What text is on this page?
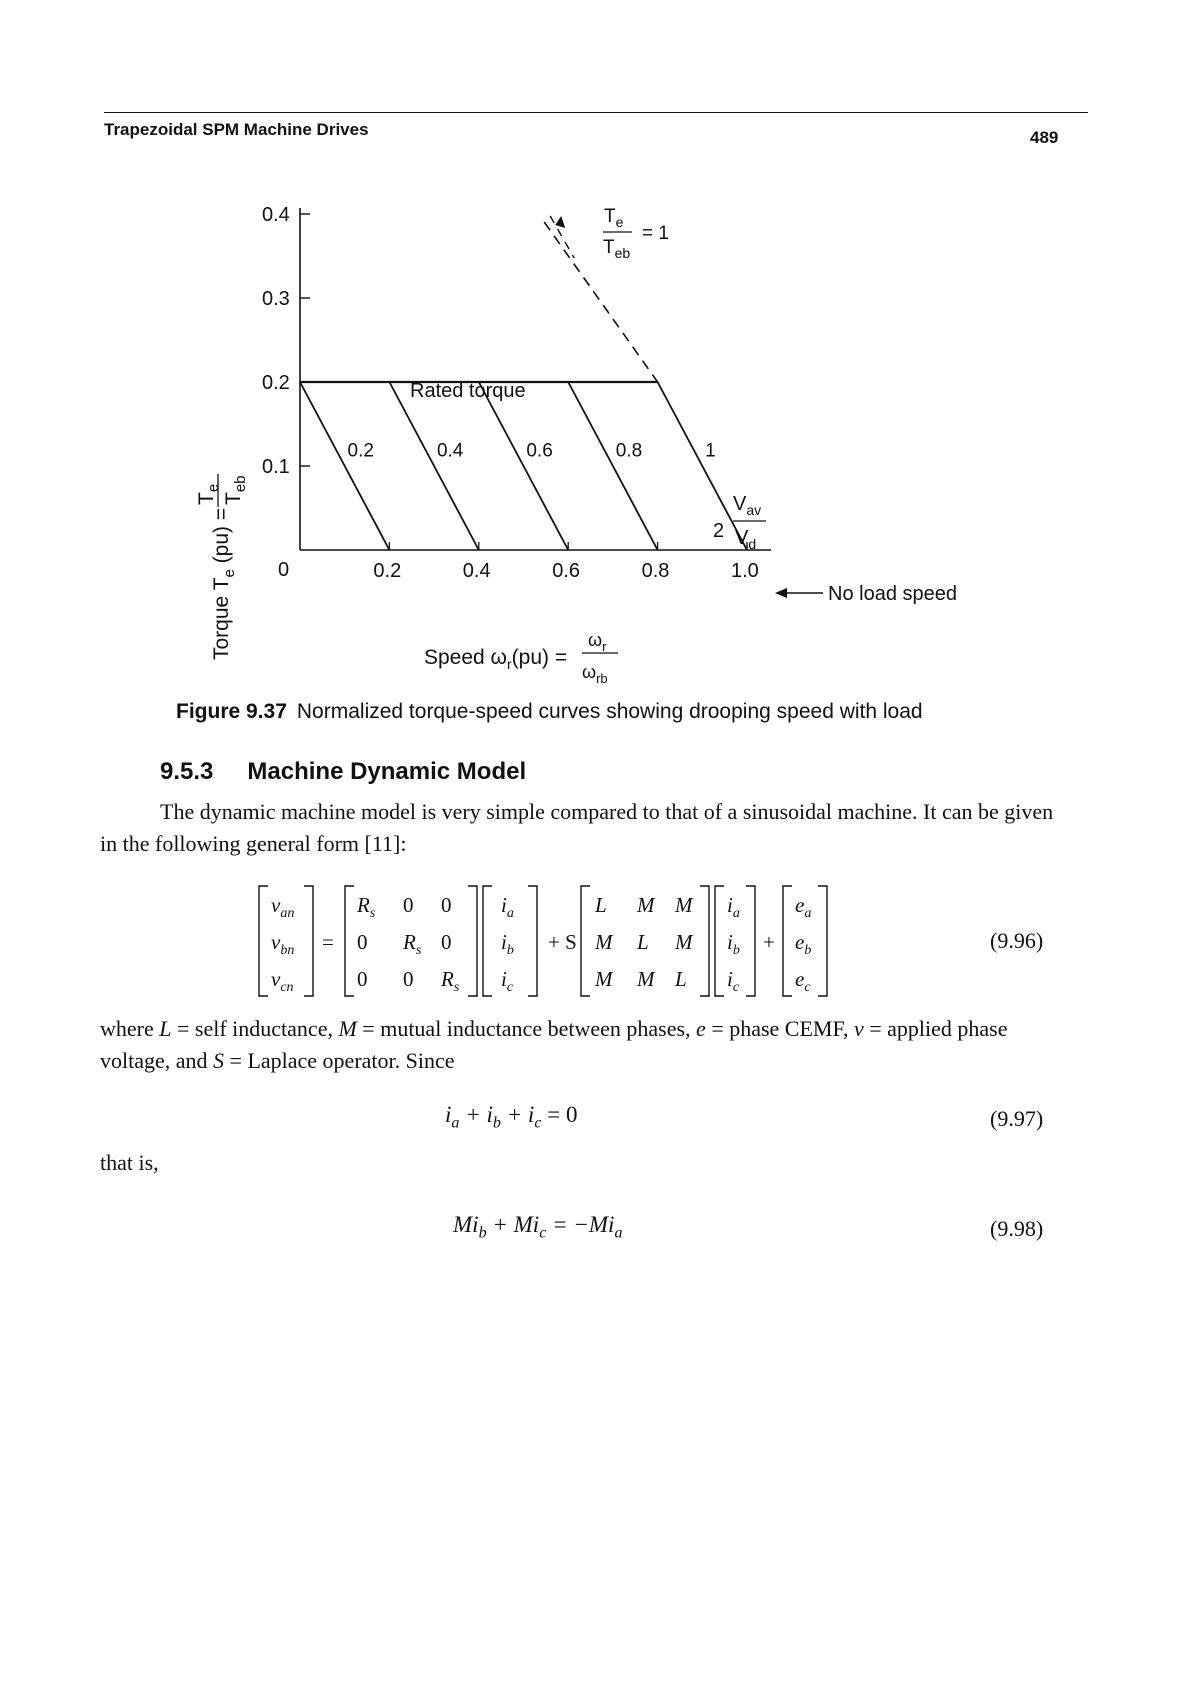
Trapezoidal SPM Machine Drives	489
0
0.1
0.2
0.3
0.4
0.2	0.4	0.6	0.8	1.0
0.2	0.4	0.6	0.8	1
Torque $T_e$ (pu) =
$T_e$
$T_{eb}$
Speed $\omega_r(pu)$ =
$\omega_r$
$\omega_{rb}$
$T_e$
$T_{eb}$
= 1
2
$V_{av}$
$V_d$
Rated torque
No load speed
Figure 9.37 Normalized torque-speed curves showing drooping speed with load
9.5.3 Machine Dynamic Model
The dynamic machine model is very simple compared to that of a sinusoidal machine. It can be given in the following general form [11]:
$v_{an}$
$v_{bn}$
$v_{cn}$
$R_s$ 0 0
0 $R_s$ 0
0 0 $R_s$
$i_a$
$i_b$
$i_c$
L M M
M L M
M M L
$i_a$
$i_b$
$i_c$
$e_a$
$e_b$
$e_c$
=	+ S	+	(9.96)
where L = self inductance, M = mutual inductance between phases, e = phase CEMF, v = applied phase voltage, and S = Laplace operator. Since
$i_a + i_b + i_c = 0$	(9.97)
that is,
$Mi_b + Mi_c = -Mi_a$	(9.98)
